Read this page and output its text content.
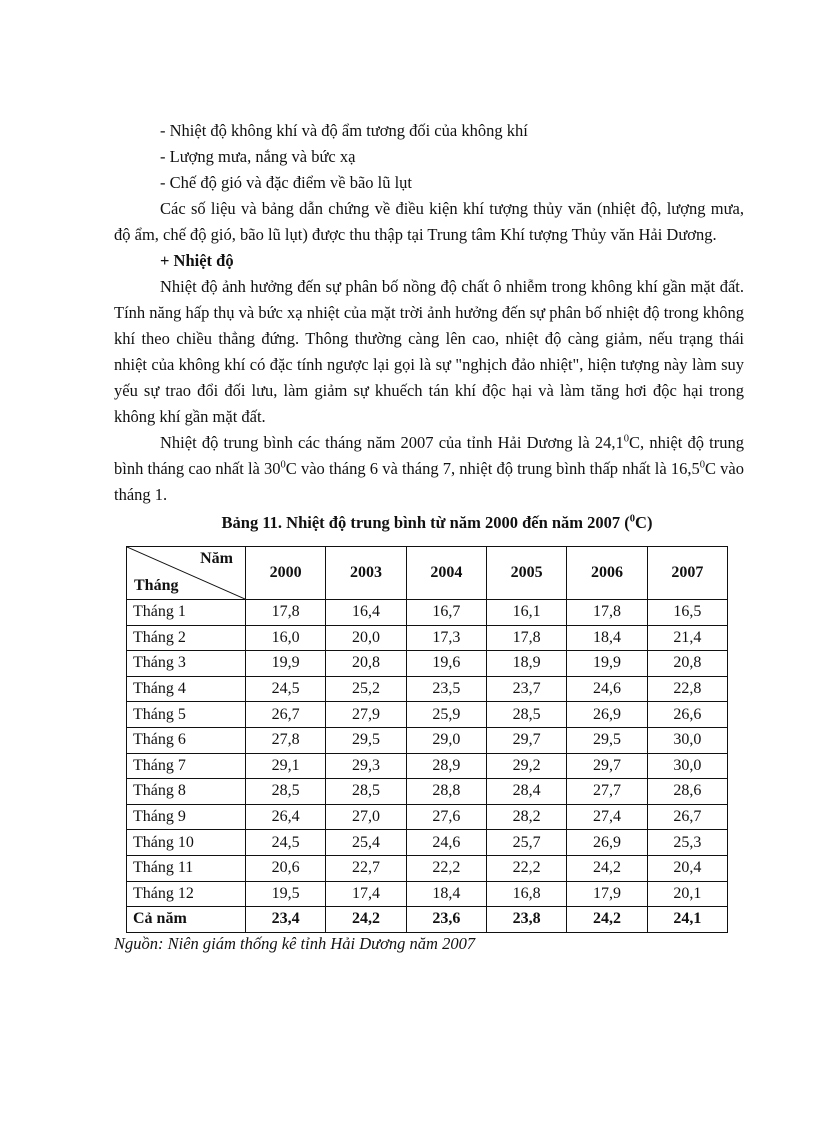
- Nhiệt độ không khí và độ ẩm tương đối của không khí
- Lượng mưa, nắng và bức xạ
- Chế độ gió và đặc điểm về bão lũ lụt
Các số liệu và bảng dẫn chứng về điều kiện khí tượng thủy văn (nhiệt độ, lượng mưa, độ ẩm, chế độ gió, bão lũ lụt) được thu thập tại Trung tâm Khí tượng Thủy văn Hải Dương.
+ Nhiệt độ
Nhiệt độ ảnh hưởng đến sự phân bố nồng độ chất ô nhiễm trong không khí gần mặt đất. Tính năng hấp thụ và bức xạ nhiệt của mặt trời ảnh hưởng đến sự phân bố nhiệt độ trong không khí theo chiều thẳng đứng. Thông thường càng lên cao, nhiệt độ càng giảm, nếu trạng thái nhiệt của không khí có đặc tính ngược lại gọi là sự "nghịch đảo nhiệt", hiện tượng này làm suy yếu sự trao đổi đối lưu, làm giảm sự khuếch tán khí độc hại và làm tăng hơi độc hại trong không khí gần mặt đất.
Nhiệt độ trung bình các tháng năm 2007 của tỉnh Hải Dương là 24,1$^0$C, nhiệt độ trung bình tháng cao nhất là $30^0C$ vào tháng 6 và tháng 7, nhiệt độ trung bình thấp nhất là 16,5$^0$C vào tháng 1.
Bảng 11. Nhiệt độ trung bình từ năm 2000 đến năm 2007 ($^0$C)
Năm
Tháng	2000	2003	2004	2005	2006	2007
Tháng 1	17,8	16,4	16,7	16,1	17,8	16,5
Tháng 2	16,0	20,0	17,3	17,8	18,4	21,4
Tháng 3	19,9	20,8	19,6	18,9	19,9	20,8
Tháng 4	24,5	25,2	23,5	23,7	24,6	22,8
Tháng 5	26,7	27,9	25,9	28,5	26,9	26,6
Tháng 6	27,8	29,5	29,0	29,7	29,5	30,0
Tháng 7	29,1	29,3	28,9	29,2	29,7	30,0
Tháng 8	28,5	28,5	28,8	28,4	27,7	28,6
Tháng 9	26,4	27,0	27,6	28,2	27,4	26,7
Tháng 10	24,5	25,4	24,6	25,7	26,9	25,3
Tháng 11	20,6	22,7	22,2	22,2	24,2	20,4
Tháng 12	19,5	17,4	18,4	16,8	17,9	20,1
Cả năm	23,4	24,2	23,6	23,8	24,2	24,1
Nguồn: Niên giám thống kê tỉnh Hải Dương năm 2007
